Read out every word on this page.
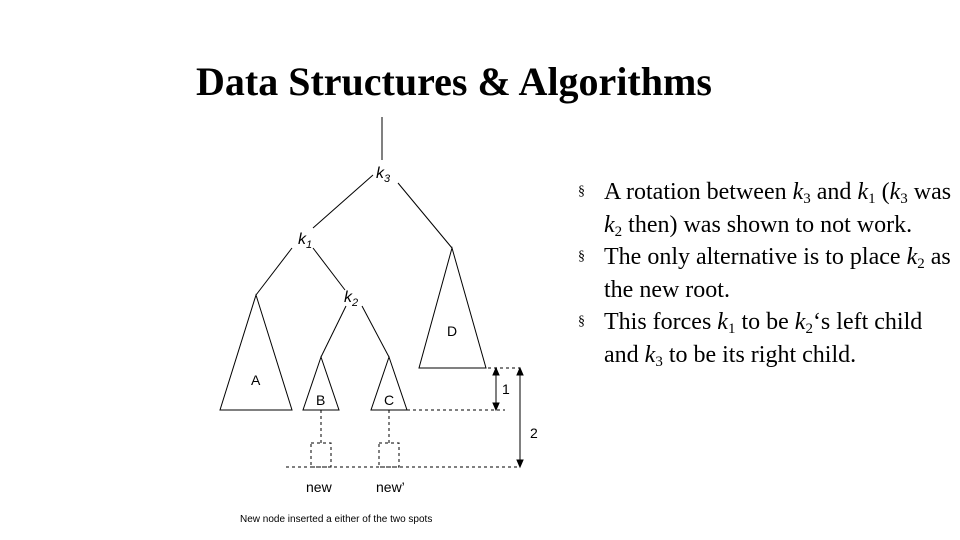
Data Structures & Algorithms
$k_3$
$k_1$
$k_2$
A
B	C
D
1
2
new	new’
New node inserted a either of the two spots
§ A rotation between $k_3$ and $k_1$ ($k_3$ was $k_2$ then) was shown to not work.
§ The only alternative is to place $k_2$ as the new root.
§ This forces $k_1$ to be $k_2‘s$ left child and $k_3$ to be its right child.
